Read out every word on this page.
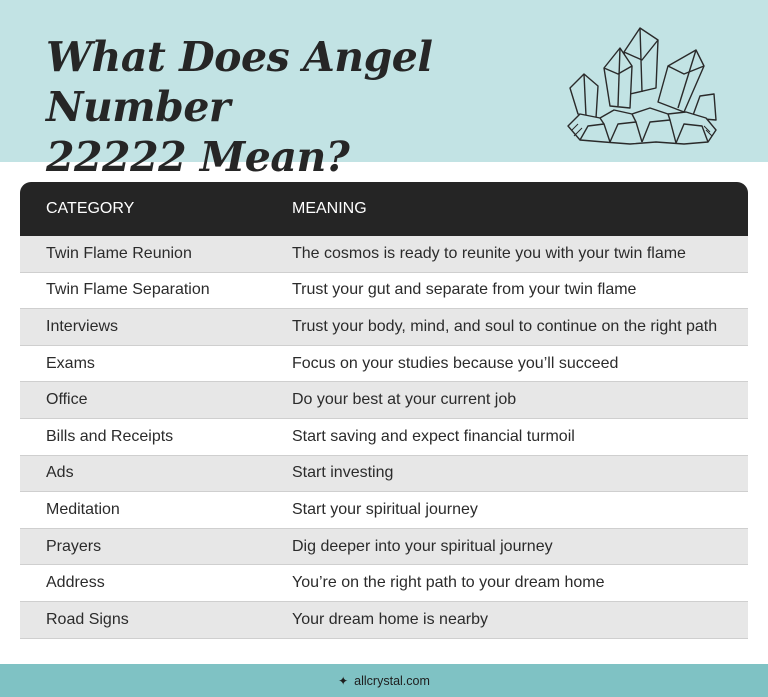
What Does Angel Number
22222 Mean?
CATEGORY	MEANING
Twin Flame Reunion	The cosmos is ready to reunite you with your twin flame
Twin Flame Separation	Trust your gut and separate from your twin flame
Interviews	Trust your body, mind, and soul to continue on the right path
Exams	Focus on your studies because you’ll succeed
Office	Do your best at your current job
Bills and Receipts	Start saving and expect financial turmoil
Ads	Start investing
Meditation	Start your spiritual journey
Prayers	Dig deeper into your spiritual journey
Address	You’re on the right path to your dream home
Road Signs	Your dream home is nearby
✦ allcrystal.com
